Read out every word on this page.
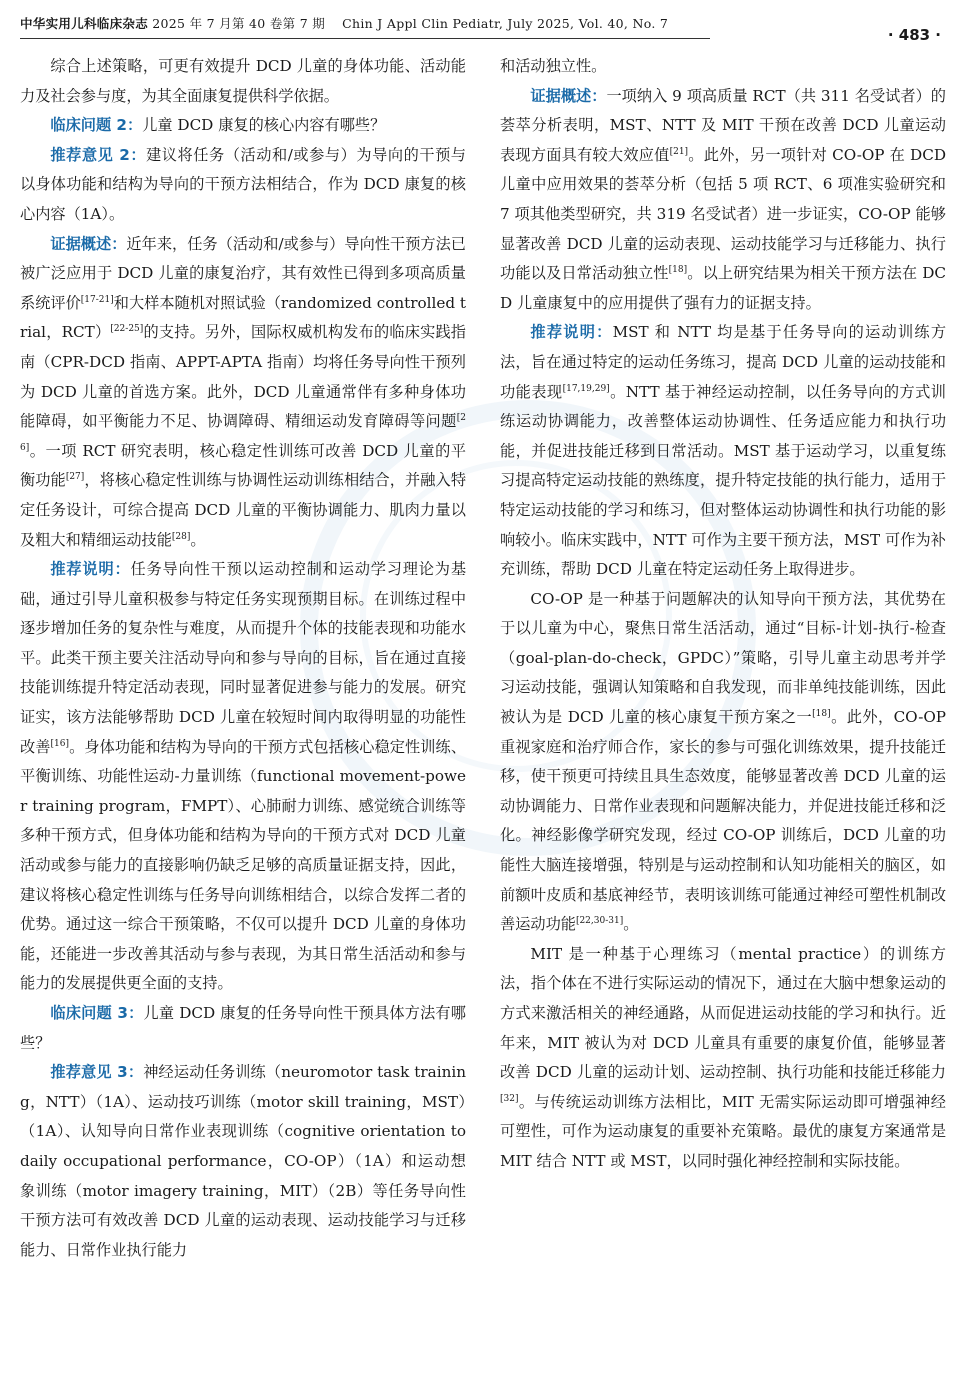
中华实用儿科临床杂志 2025 年 7 月第 40 卷第 7 期 Chin J Appl Clin Pediatr, July 2025, Vol. 40, No. 7
· 483 ·

综合上述策略，可更有效提升 DCD 儿童的身体功能、活动能力及社会参与度，为其全面康复提供科学依据。

临床问题 2：儿童 DCD 康复的核心内容有哪些？

推荐意见 2：建议将任务（活动和/或参与）为导向的干预与以身体功能和结构为导向的干预方法相结合，作为 DCD 康复的核心内容（1A）。

证据概述：近年来，任务（活动和/或参与）导向性干预方法已被广泛应用于 DCD 儿童的康复治疗，其有效性已得到多项高质量系统评价[17-21]和大样本随机对照试验（randomized controlled trial，RCT）[22-25]的支持。另外，国际权威机构发布的临床实践指南（CPR-DCD 指南、APPT-APTA 指南）均将任务导向性干预列为 DCD 儿童的首选方案。此外，DCD 儿童通常伴有多种身体功能障碍，如平衡能力不足、协调障碍、精细运动发育障碍等问题[26]。一项 RCT 研究表明，核心稳定性训练可改善 DCD 儿童的平衡功能[27]，将核心稳定性训练与协调性运动训练相结合，并融入特定任务设计，可综合提高 DCD 儿童的平衡协调能力、肌肉力量以及粗大和精细运动技能[28]。

推荐说明：任务导向性干预以运动控制和运动学习理论为基础，通过引导儿童积极参与特定任务实现预期目标。在训练过程中逐步增加任务的复杂性与难度，从而提升个体的技能表现和功能水平。此类干预主要关注活动导向和参与导向的目标，旨在通过直接技能训练提升特定活动表现，同时显著促进参与能力的发展。研究证实，该方法能够帮助 DCD 儿童在较短时间内取得明显的功能性改善[16]。身体功能和结构为导向的干预方式包括核心稳定性训练、平衡训练、功能性运动-力量训练（functional movement-power training program，FMPT）、心肺耐力训练、感觉统合训练等多种干预方式，但身体功能和结构为导向的干预方式对 DCD 儿童活动或参与能力的直接影响仍缺乏足够的高质量证据支持，因此，建议将核心稳定性训练与任务导向训练相结合，以综合发挥二者的优势。通过这一综合干预策略，不仅可以提升 DCD 儿童的身体功能，还能进一步改善其活动与参与表现，为其日常生活活动和参与能力的发展提供更全面的支持。

临床问题 3：儿童 DCD 康复的任务导向性干预具体方法有哪些？

推荐意见 3：神经运动任务训练（neuromotor task training，NTT）（1A）、运动技巧训练（motor skill training，MST）（1A）、认知导向日常作业表现训练（cognitive orientation to daily occupational performance，CO-OP）（1A）和运动想象训练（motor imagery training，MIT）（2B）等任务导向性干预方法可有效改善 DCD 儿童的运动表现、运动技能学习与迁移能力、日常作业执行能力

和活动独立性。

证据概述：一项纳入 9 项高质量 RCT（共 311 名受试者）的荟萃分析表明，MST、NTT 及 MIT 干预在改善 DCD 儿童运动表现方面具有较大效应值[21]。此外，另一项针对 CO-OP 在 DCD 儿童中应用效果的荟萃分析（包括 5 项 RCT、6 项准实验研究和 7 项其他类型研究，共 319 名受试者）进一步证实，CO-OP 能够显著改善 DCD 儿童的运动表现、运动技能学习与迁移能力、执行功能以及日常活动独立性[18]。以上研究结果为相关干预方法在 DCD 儿童康复中的应用提供了强有力的证据支持。

推荐说明：MST 和 NTT 均是基于任务导向的运动训练方法，旨在通过特定的运动任务练习，提高 DCD 儿童的运动技能和功能表现[17,19,29]。NTT 基于神经运动控制，以任务导向的方式训练运动协调能力，改善整体运动协调性、任务适应能力和执行功能，并促进技能迁移到日常活动。MST 基于运动学习，以重复练习提高特定运动技能的熟练度，提升特定技能的执行能力，适用于特定运动技能的学习和练习，但对整体运动协调性和执行功能的影响较小。临床实践中，NTT 可作为主要干预方法，MST 可作为补充训练，帮助 DCD 儿童在特定运动任务上取得进步。

CO-OP 是一种基于问题解决的认知导向干预方法，其优势在于以儿童为中心，聚焦日常生活活动，通过“目标-计划-执行-检查（goal-plan-do-check，GPDC）”策略，引导儿童主动思考并学习运动技能，强调认知策略和自我发现，而非单纯技能训练，因此被认为是 DCD 儿童的核心康复干预方案之一[18]。此外，CO-OP 重视家庭和治疗师合作，家长的参与可强化训练效果，提升技能迁移，使干预更可持续且具生态效度，能够显著改善 DCD 儿童的运动协调能力、日常作业表现和问题解决能力，并促进技能迁移和泛化。神经影像学研究发现，经过 CO-OP 训练后，DCD 儿童的功能性大脑连接增强，特别是与运动控制和认知功能相关的脑区，如前额叶皮质和基底神经节，表明该训练可能通过神经可塑性机制改善运动功能[22,30-31]。

MIT 是一种基于心理练习（mental practice）的训练方法，指个体在不进行实际运动的情况下，通过在大脑中想象运动的方式来激活相关的神经通路，从而促进运动技能的学习和执行。近年来，MIT 被认为对 DCD 儿童具有重要的康复价值，能够显著改善 DCD 儿童的运动计划、运动控制、执行功能和技能迁移能力[32]。与传统运动训练方法相比，MIT 无需实际运动即可增强神经可塑性，可作为运动康复的重要补充策略。最优的康复方案通常是 MIT 结合 NTT 或 MST，以同时强化神经控制和实际技能。
